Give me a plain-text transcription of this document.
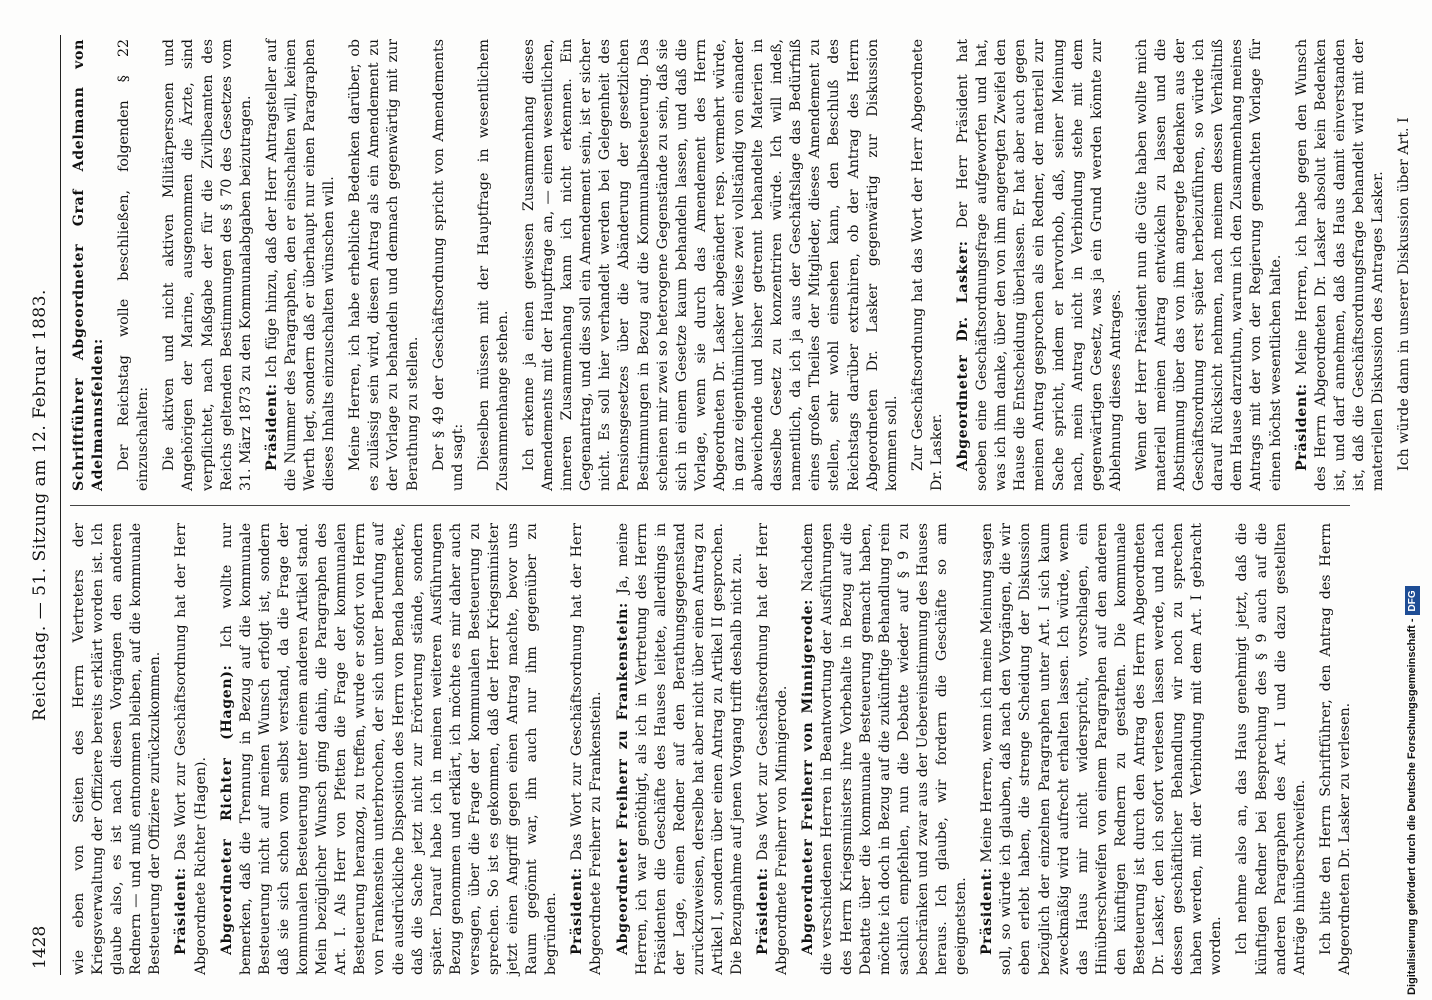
1428
Reichstag. — 51. Sitzung am 12. Februar 1883.

wie eben von Seiten des Herrn Vertreters der Kriegsverwaltung der Offiziere bereits erklärt worden ist. Ich glaube also, es ist nach diesen Vorgängen den anderen Rednern — und muß entnommen bleiben, auf die kommunale Besteuerung der Offiziere zurückzukommen. Präsident: Das Wort zur Geschäftsordnung hat der Herr Abgeordnete Richter (Hagen). Abgeordneter Richter (Hagen): Ich wollte nur bemerken, daß die Trennung in Bezug auf die kommunale Besteuerung nicht auf meinen Wunsch erfolgt ist, sondern daß sie sich schon vom selbst verstand, da die Frage der kommunalen Besteuerung unter einem anderen Artikel stand. Mein bezüglicher Wunsch ging dahin, die Paragraphen des Art. I. Als Herr von Pfetten die Frage der kommunalen Besteuerung heranzog, zu treffen, wurde er sofort von Herrn von Frankenstein unterbrochen, der sich unter Berufung auf die ausdrückliche Disposition des Herrn von Benda bemerkte, daß die Sache jetzt nicht zur Erörterung stände, sondern später. Darauf habe ich in meinen weiteren Ausführungen Bezug genommen und erklärt, ich möchte es mir daher auch versagen, über die Frage der kommunalen Besteuerung zu sprechen. So ist es gekommen, daß der Herr Kriegsminister jetzt einen Angriff gegen einen Antrag machte, bevor uns Raum gegönnt war, ihn auch nur ihm gegenüber zu begründen. Präsident: Das Wort zur Geschäftsordnung hat der Herr Abgeordnete Freiherr zu Frankenstein. Abgeordneter Freiherr zu Frankenstein: Ja, meine Herren, ich war genöthigt, als ich in Vertretung des Herrn Präsidenten die Geschäfte des Hauses leitete, allerdings in der Lage, einen Redner auf den Berathungsgegenstand zurückzuweisen, derselbe hat aber nicht über einen Antrag zu Artikel I, sondern über einen Antrag zu Artikel II gesprochen. Die Bezugnahme auf jenen Vorgang trifft deshalb nicht zu. Präsident: Das Wort zur Geschäftsordnung hat der Herr Abgeordnete Freiherr von Minnigerode. Abgeordneter Freiherr von Minnigerode: Nachdem die verschiedenen Herren in Beantwortung der Ausführungen des Herrn Kriegsministers ihre Vorbehalte in Bezug auf die Debatte über die kommunale Besteuerung gemacht haben, möchte ich doch in Bezug auf die zukünftige Behandlung rein sachlich empfehlen, nun die Debatte wieder auf § 9 zu beschränken und zwar aus der Uebereinstimmung des Hauses heraus. Ich glaube, wir fordern die Geschäfte so am geeignetsten. Präsident: Meine Herren, wenn ich meine Meinung sagen soll, so würde ich glauben, daß nach den Vorgängen, die wir eben erlebt haben, die strenge Scheidung der Diskussion bezüglich der einzelnen Paragraphen unter Art. I sich kaum zweckmäßig wird aufrecht erhalten lassen. Ich würde, wenn das Haus mir nicht widerspricht, vorschlagen, ein Hinüberschweifen von einem Paragraphen auf den anderen den künftigen Rednern zu gestatten. Die kommunale Besteuerung ist durch den Antrag des Herrn Abgeordneten Dr. Lasker, den ich sofort verlesen lassen werde, und nach dessen geschäftlicher Behandlung wir noch zu sprechen haben werden, mit der Verbindung mit dem Art. I gebracht worden. Ich nehme also an, das Haus genehmigt jetzt, daß die künftigen Redner bei Besprechung des § 9 auch auf die anderen Paragraphen des Art. I und die dazu gestellten Anträge hinüberschweifen. Ich bitte den Herrn Schriftführer, den Antrag des Herrn Abgeordneten Dr. Lasker zu verlesen.

Schriftführer Abgeordneter Graf Adelmann von Adelmannsfelden: Der Reichstag wolle beschließen, folgenden § 22 einzuschalten: Die aktiven und nicht aktiven Militärpersonen und Angehörigen der Marine, ausgenommen die Ärzte, sind verpflichtet, nach Maßgabe der für die Zivilbeamten des Reichs geltenden Bestimmungen des § 70 des Gesetzes vom 31. März 1873 zu den Kommunalabgaben beizutragen. Präsident: Ich füge hinzu, daß der Herr Antragsteller auf die Nummer des Paragraphen, den er einschalten will, keinen Werth legt, sondern daß er überhaupt nur einen Paragraphen dieses Inhalts einzuschalten wünschen will. Meine Herren, ich habe erhebliche Bedenken darüber, ob es zulässig sein wird, diesen Antrag als ein Amendement zu der Vorlage zu behandeln und demnach gegenwärtig mit zur Berathung zu stellen. Der § 49 der Geschäftsordnung spricht von Amendements und sagt: Dieselben müssen mit der Hauptfrage in wesentlichem Zusammenhange stehen. Ich erkenne ja einen gewissen Zusammenhang dieses Amendements mit der Hauptfrage an, — einen wesentlichen, inneren Zusammenhang kann ich nicht erkennen. Ein Gegenantrag, und dies soll ein Amendement sein, ist er sicher nicht. Es soll hier verhandelt werden bei Gelegenheit des Pensionsgesetzes über die Abänderung der gesetzlichen Bestimmungen in Bezug auf die Kommunalbesteuerung. Das scheinen mir zwei so heterogene Gegenstände zu sein, daß sie sich in einem Gesetze kaum behandeln lassen, und daß die Vorlage, wenn sie durch das Amendement des Herrn Abgeordneten Dr. Lasker abgeändert resp. vermehrt würde, in ganz eigenthümlicher Weise zwei vollständig von einander abweichende und bisher getrennt behandelte Materien in dasselbe Gesetz zu konzentriren würde. Ich will indeß, namentlich, da ich ja aus der Geschäftslage das Bedürfniß eines großen Theiles der Mitglieder, dieses Amendement zu stellen, sehr wohl einsehen kann, den Beschluß des Reichstags darüber extrahiren, ob der Antrag des Herrn Abgeordneten Dr. Lasker gegenwärtig zur Diskussion kommen soll. Zur Geschäftsordnung hat das Wort der Herr Abgeordnete Dr. Lasker. Abgeordneter Dr. Lasker: Der Herr Präsident hat soeben eine Geschäftsordnungsfrage aufgeworfen und hat, was ich ihm danke, über den von ihm angeregten Zweifel den Hause die Entscheidung überlassen. Er hat aber auch gegen meinen Antrag gesprochen als ein Redner, der materiell zur Sache spricht, indem er hervorhob, daß, seiner Meinung nach, mein Antrag nicht in Verbindung stehe mit dem gegenwärtigen Gesetz, was ja ein Grund werden könnte zur Ablehnung dieses Antrages. Wenn der Herr Präsident nun die Güte haben wollte mich materiell meinen Antrag entwickeln zu lassen und die Abstimmung über das von ihm angeregte Bedenken aus der Geschäftsordnung erst später herbeizuführen, so würde ich darauf Rücksicht nehmen, nach meinem dessen Verhältniß dem Hause darzuthun, warum ich den Zusammenhang meines Antrags mit der von der Regierung gemachten Vorlage für einen höchst wesentlichen halte. Präsident: Meine Herren, ich habe gegen den Wunsch des Herrn Abgeordneten Dr. Lasker absolut kein Bedenken ist, und darf annehmen, daß das Haus damit einverstanden ist, daß die Geschäftsordnungsfrage behandelt wird mit der materiellen Diskussion des Antrages Lasker. Ich würde dann in unserer Diskussion über Art. I

Digitalisierung gefördert durch die Deutsche Forschungsgemeinschaft -DFG
